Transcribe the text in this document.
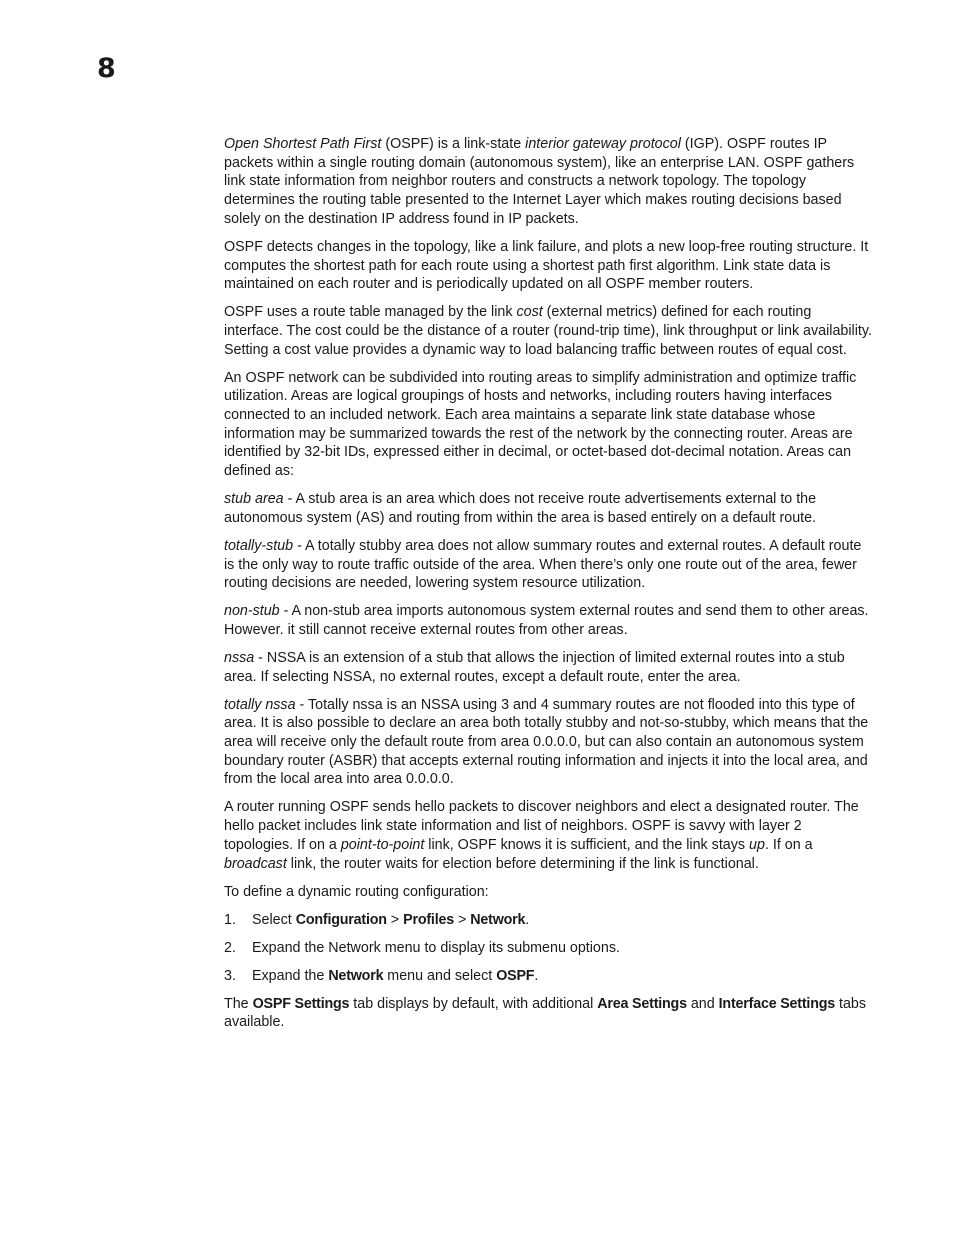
8

Open Shortest Path First (OSPF) is a link-state interior gateway protocol (IGP). OSPF routes IP packets within a single routing domain (autonomous system), like an enterprise LAN. OSPF gathers link state information from neighbor routers and constructs a network topology. The topology determines the routing table presented to the Internet Layer which makes routing decisions based solely on the destination IP address found in IP packets.

OSPF detects changes in the topology, like a link failure, and plots a new loop-free routing structure. It computes the shortest path for each route using a shortest path first algorithm. Link state data is maintained on each router and is periodically updated on all OSPF member routers.

OSPF uses a route table managed by the link cost (external metrics) defined for each routing interface. The cost could be the distance of a router (round-trip time), link throughput or link availability. Setting a cost value provides a dynamic way to load balancing traffic between routes of equal cost.

An OSPF network can be subdivided into routing areas to simplify administration and optimize traffic utilization. Areas are logical groupings of hosts and networks, including routers having interfaces connected to an included network. Each area maintains a separate link state database whose information may be summarized towards the rest of the network by the connecting router. Areas are identified by 32-bit IDs, expressed either in decimal, or octet-based dot-decimal notation. Areas can defined as:

stub area - A stub area is an area which does not receive route advertisements external to the autonomous system (AS) and routing from within the area is based entirely on a default route.

totally-stub - A totally stubby area does not allow summary routes and external routes. A default route is the only way to route traffic outside of the area. When there’s only one route out of the area, fewer routing decisions are needed, lowering system resource utilization.

non-stub - A non-stub area imports autonomous system external routes and send them to other areas. However. it still cannot receive external routes from other areas.

nssa - NSSA is an extension of a stub that allows the injection of limited external routes into a stub area. If selecting NSSA, no external routes, except a default route, enter the area.

totally nssa - Totally nssa is an NSSA using 3 and 4 summary routes are not flooded into this type of area. It is also possible to declare an area both totally stubby and not-so-stubby, which means that the area will receive only the default route from area 0.0.0.0, but can also contain an autonomous system boundary router (ASBR) that accepts external routing information and injects it into the local area, and from the local area into area 0.0.0.0.

A router running OSPF sends hello packets to discover neighbors and elect a designated router. The hello packet includes link state information and list of neighbors. OSPF is savvy with layer 2 topologies. If on a point-to-point link, OSPF knows it is sufficient, and the link stays up. If on a broadcast link, the router waits for election before determining if the link is functional.

To define a dynamic routing configuration:

1. Select Configuration > Profiles > Network.
2. Expand the Network menu to display its submenu options.
3. Expand the Network menu and select OSPF.

The OSPF Settings tab displays by default, with additional Area Settings and Interface Settings tabs available.
